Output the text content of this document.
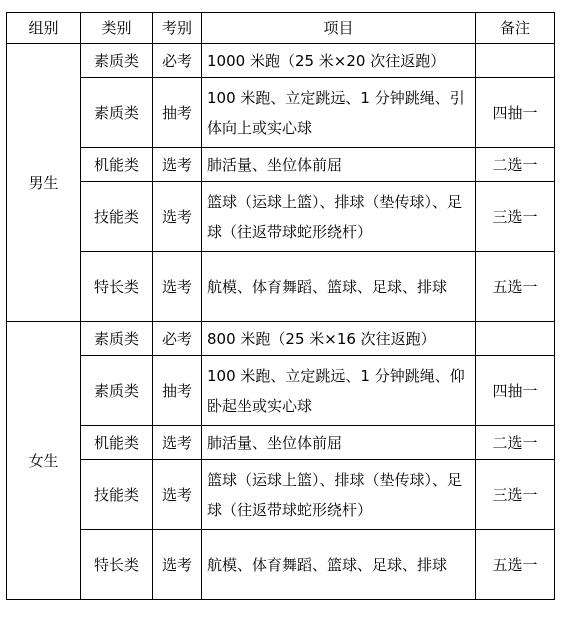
组别	类别	考别	项目	备注
男生	素质类	必考	1000 米跑（25 米×20 次往返跑）	
	素质类	抽考	100 米跑、立定跳远、1 分钟跳绳、引体向上或实心球	四抽一
	机能类	选考	肺活量、坐位体前屈	二选一
	技能类	选考	篮球（运球上篮）、排球（垫传球）、足球（往返带球蛇形绕杆）	三选一
	特长类	选考	航模、体育舞蹈、篮球、足球、排球	五选一
女生	素质类	必考	800 米跑（25 米×16 次往返跑）	
	素质类	抽考	100 米跑、立定跳远、1 分钟跳绳、仰卧起坐或实心球	四抽一
	机能类	选考	肺活量、坐位体前屈	二选一
	技能类	选考	篮球（运球上篮）、排球（垫传球）、足球（往返带球蛇形绕杆）	三选一
	特长类	选考	航模、体育舞蹈、篮球、足球、排球	五选一
